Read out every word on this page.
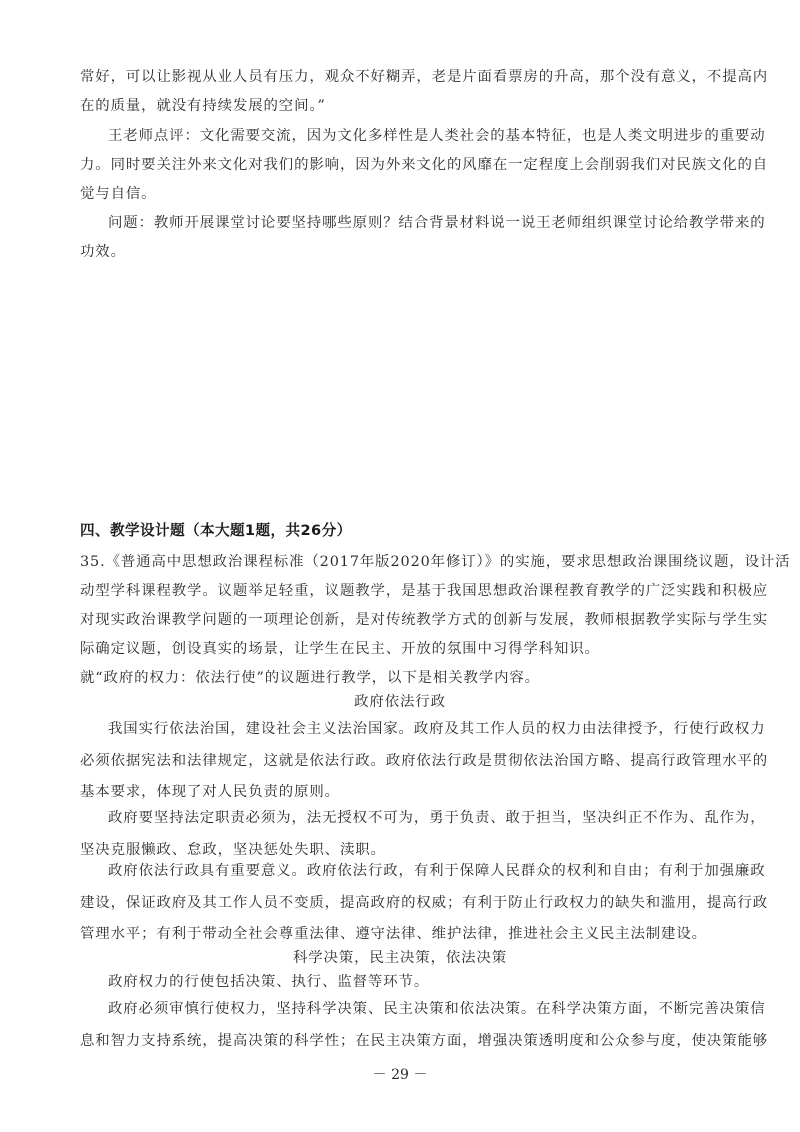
常好，可以让影视从业人员有压力，观众不好糊弄，老是片面看票房的升高，那个没有意义，不提高内
在的质量，就没有持续发展的空间。”
王老师点评：文化需要交流，因为文化多样性是人类社会的基本特征，也是人类文明进步的重要动
力。同时要关注外来文化对我们的影响，因为外来文化的风靡在一定程度上会削弱我们对民族文化的自
觉与自信。
问题：教师开展课堂讨论要坚持哪些原则？结合背景材料说一说王老师组织课堂讨论给教学带来的
功效。

四、教学设计题（本大题1题，共26分）

35.《普通高中思想政治课程标准（2017年版2020年修订）》的实施，要求思想政治课围绕议题，设计活
动型学科课程教学。议题举足轻重，议题教学，是基于我国思想政治课程教育教学的广泛实践和积极应
对现实政治课教学问题的一项理论创新，是对传统教学方式的创新与发展，教师根据教学实际与学生实
际确定议题，创设真实的场景，让学生在民主、开放的氛围中习得学科知识。
就“政府的权力：依法行使”的议题进行教学，以下是相关教学内容。

政府依法行政

我国实行依法治国，建设社会主义法治国家。政府及其工作人员的权力由法律授予，行使行政权力
必须依据宪法和法律规定，这就是依法行政。政府依法行政是贯彻依法治国方略、提高行政管理水平的
基本要求，体现了对人民负责的原则。
政府要坚持法定职责必须为，法无授权不可为，勇于负责、敢于担当，坚决纠正不作为、乱作为，
坚决克服懒政、怠政，坚决惩处失职、渎职。
政府依法行政具有重要意义。政府依法行政，有利于保障人民群众的权利和自由；有利于加强廉政
建设，保证政府及其工作人员不变质，提高政府的权威；有利于防止行政权力的缺失和滥用，提高行政
管理水平；有利于带动全社会尊重法律、遵守法律、维护法律，推进社会主义民主法制建设。

科学决策，民主决策，依法决策

政府权力的行使包括决策、执行、监督等环节。
政府必须审慎行使权力，坚持科学决策、民主决策和依法决策。在科学决策方面，不断完善决策信
息和智力支持系统，提高决策的科学性；在民主决策方面，增强决策透明度和公众参与度，使决策能够
－ 29 －
